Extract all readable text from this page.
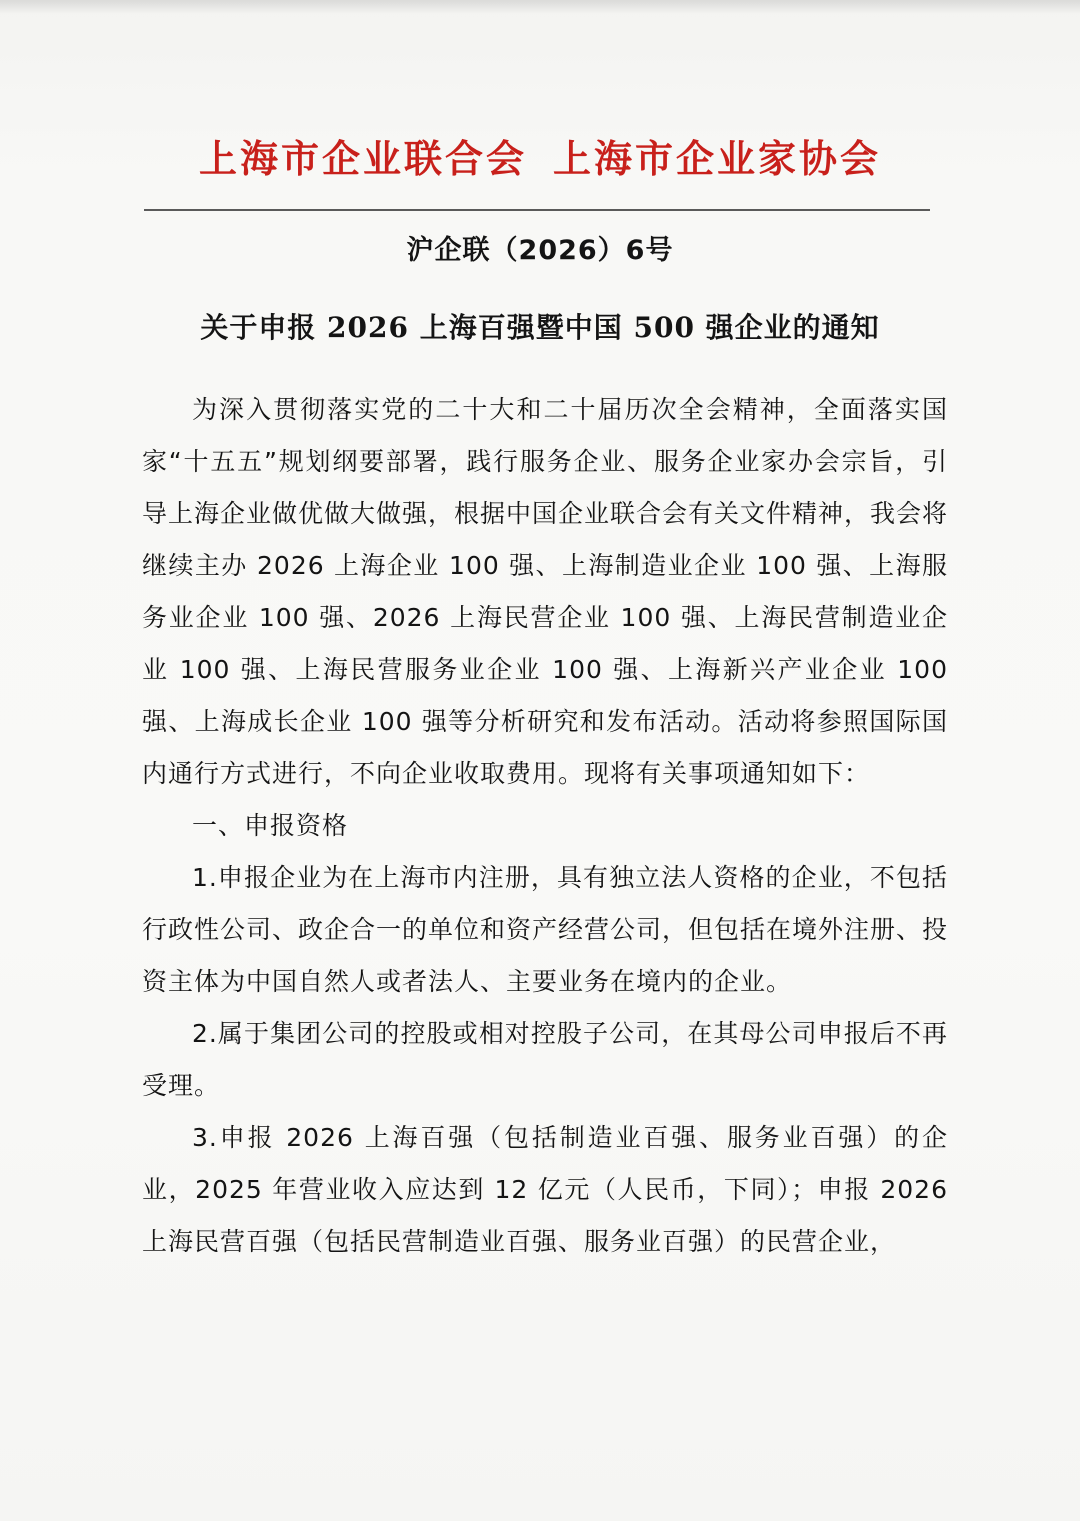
上海市企业联合会 上海市企业家协会
沪企联（2026）6号
关于申报 2026 上海百强暨中国 500 强企业的通知

为深入贯彻落实党的二十大和二十届历次全会精神，全面落实国家“十五五”规划纲要部署，践行服务企业、服务企业家办会宗旨，引导上海企业做优做大做强，根据中国企业联合会有关文件精神，我会将继续主办 2026 上海企业 100 强、上海制造业企业 100 强、上海服务业企业 100 强、2026 上海民营企业 100 强、上海民营制造业企业 100 强、上海民营服务业企业 100 强、上海新兴产业企业 100 强、上海成长企业 100 强等分析研究和发布活动。活动将参照国际国内通行方式进行，不向企业收取费用。现将有关事项通知如下：

一、申报资格

1.申报企业为在上海市内注册，具有独立法人资格的企业，不包括行政性公司、政企合一的单位和资产经营公司，但包括在境外注册、投资主体为中国自然人或者法人、主要业务在境内的企业。

2.属于集团公司的控股或相对控股子公司，在其母公司申报后不再受理。

3.申报 2026 上海百强（包括制造业百强、服务业百强）的企业，2025 年营业收入应达到 12 亿元（人民币，下同）；申报 2026 上海民营百强（包括民营制造业百强、服务业百强）的民营企业，
